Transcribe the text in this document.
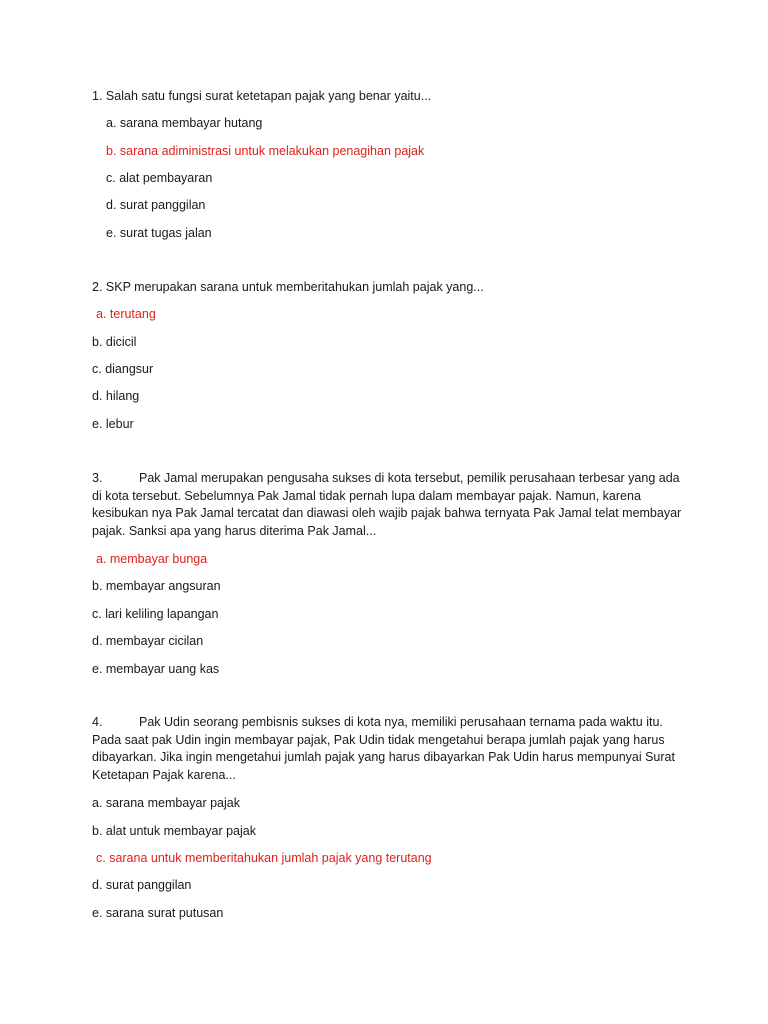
1. Salah satu fungsi surat ketetapan pajak yang benar yaitu...
a. sarana membayar hutang
b. sarana adiministrasi untuk melakukan penagihan pajak
c. alat pembayaran
d. surat panggilan
e. surat tugas jalan
2. SKP merupakan sarana untuk memberitahukan jumlah pajak yang...
a. terutang
b. dicicil
c. diangsur
d. hilang
e. lebur
3.	Pak Jamal merupakan pengusaha sukses di kota tersebut, pemilik perusahaan terbesar yang ada di kota tersebut. Sebelumnya Pak Jamal tidak pernah lupa dalam membayar pajak. Namun, karena kesibukan nya Pak Jamal tercatat dan diawasi oleh wajib pajak bahwa ternyata Pak Jamal telat membayar pajak. Sanksi apa yang harus diterima Pak Jamal...
a. membayar bunga
b. membayar angsuran
c. lari keliling lapangan
d. membayar cicilan
e. membayar uang kas
4.	Pak Udin seorang pembisnis sukses di kota nya, memiliki perusahaan ternama pada waktu itu. Pada saat pak Udin ingin membayar pajak, Pak Udin tidak mengetahui berapa jumlah pajak yang harus dibayarkan. Jika ingin mengetahui jumlah pajak yang harus dibayarkan Pak Udin harus mempunyai Surat Ketetapan Pajak karena...
a. sarana membayar pajak
b. alat untuk membayar pajak
c. sarana untuk memberitahukan jumlah pajak yang terutang
d. surat panggilan
e. sarana surat putusan
